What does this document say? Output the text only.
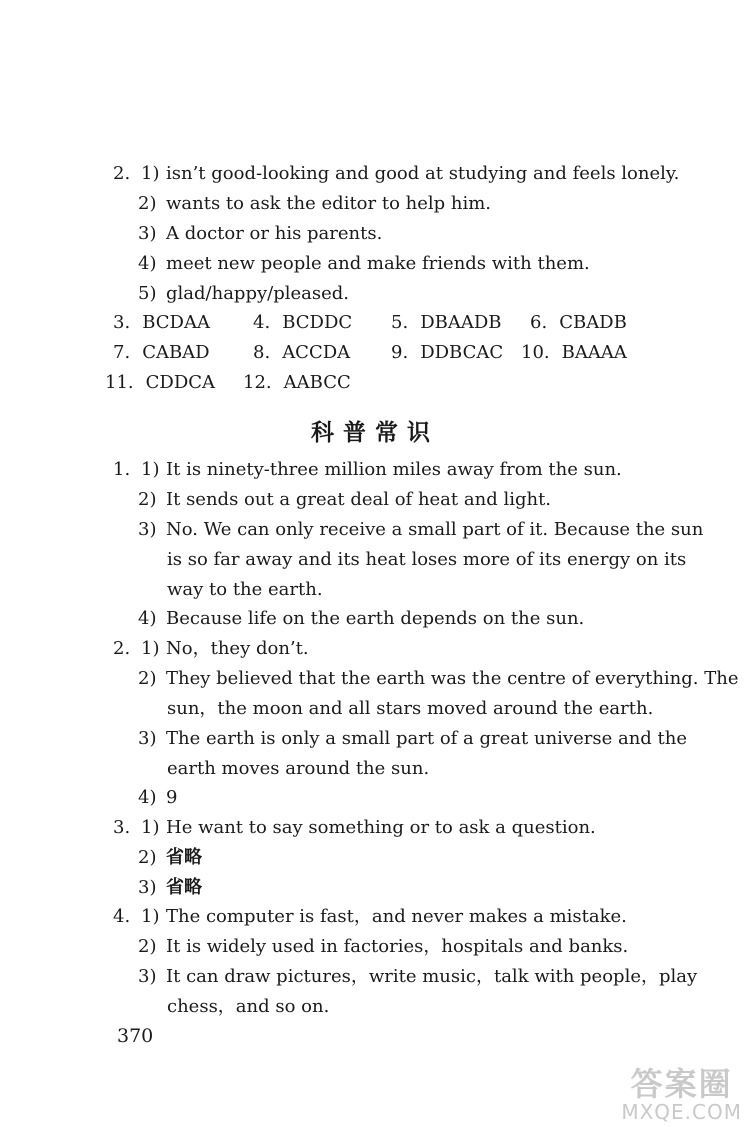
2. 1) isn’t good-looking and good at studying and feels lonely.
2) wants to ask the editor to help him.
3) A doctor or his parents.
4) meet new people and make friends with them.
5) glad/happy/pleased.
3. BCDAA 4. BCDDC 5. DBAADB 6. CBADB
7. CABAD 8. ACCDA 9. DDBCAC 10. BAAAA
11. CDDCA 12. AABCC
科普常识
1. 1) It is ninety-three million miles away from the sun.
2) It sends out a great deal of heat and light.
3) No. We can only receive a small part of it. Because the sun
is so far away and its heat loses more of its energy on its
way to the earth.
4) Because life on the earth depends on the sun.
2. 1) No，they don’t.
2) They believed that the earth was the centre of everything. The
sun，the moon and all stars moved around the earth.
3) The earth is only a small part of a great universe and the
earth moves around the sun.
4) 9
3. 1) He want to say something or to ask a question.
2) 省略
3) 省略
4. 1) The computer is fast，and never makes a mistake.
2) It is widely used in factories，hospitals and banks.
3) It can draw pictures，write music，talk with people，play
chess，and so on.
370
答案圈
MXQE.COM
